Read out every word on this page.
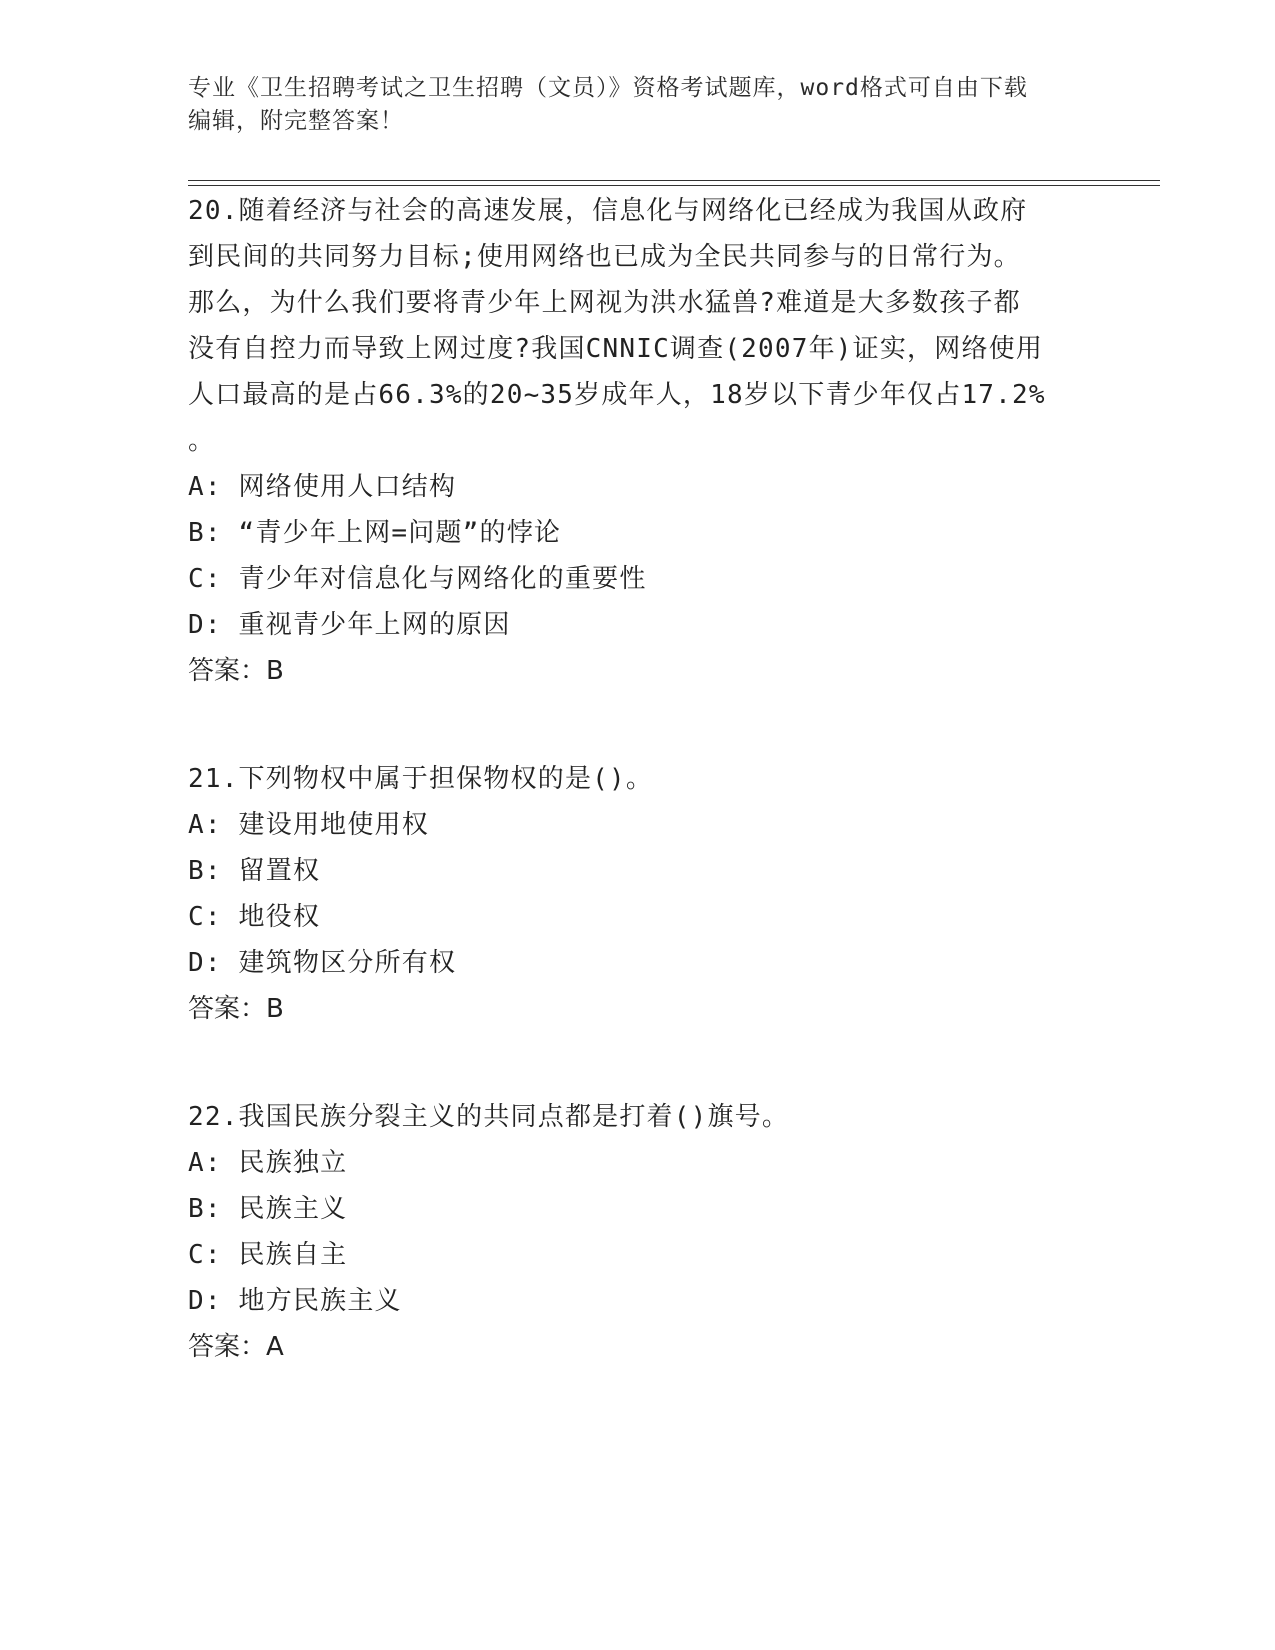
专业《卫生招聘考试之卫生招聘（文员）》资格考试题库，word格式可自由下载
编辑，附完整答案！
20.随着经济与社会的高速发展，信息化与网络化已经成为我国从政府
到民间的共同努力目标;使用网络也已成为全民共同参与的日常行为。
那么，为什么我们要将青少年上网视为洪水猛兽?难道是大多数孩子都
没有自控力而导致上网过度?我国CNNIC调查(2007年)证实，网络使用
人口最高的是占66.3%的20~35岁成年人，18岁以下青少年仅占17.2%
。
A: 网络使用人口结构
B: “青少年上网=问题”的悖论
C: 青少年对信息化与网络化的重要性
D: 重视青少年上网的原因
答案：B
21.下列物权中属于担保物权的是()。
A: 建设用地使用权
B: 留置权
C: 地役权
D: 建筑物区分所有权
答案：B
22.我国民族分裂主义的共同点都是打着()旗号。
A: 民族独立
B: 民族主义
C: 民族自主
D: 地方民族主义
答案：A
